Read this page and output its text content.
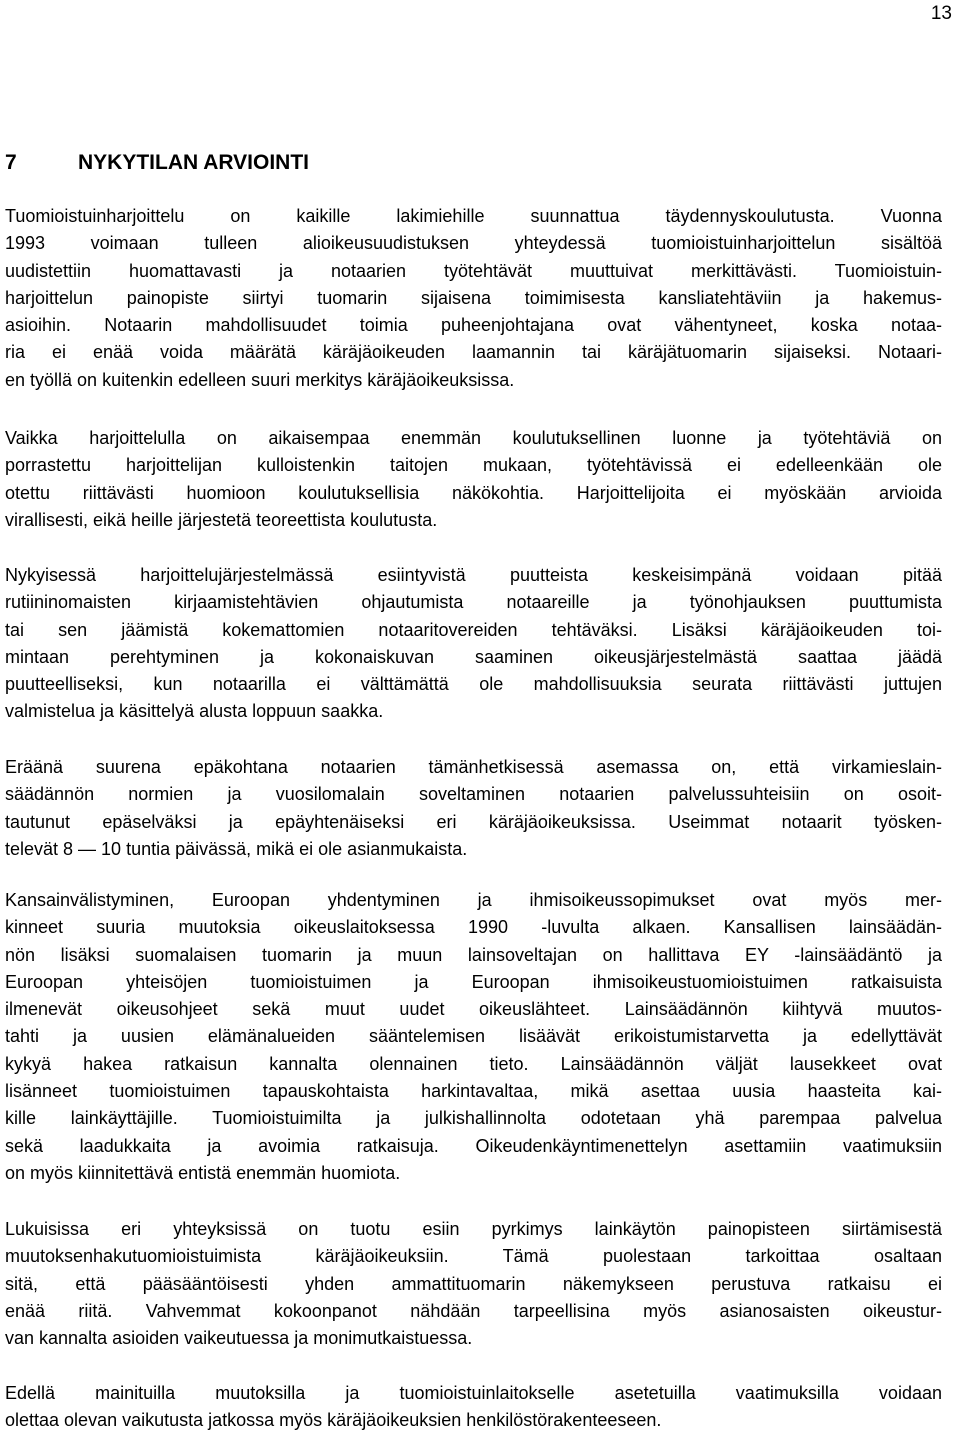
13
7	NYKYTILAN ARVIOINTI
Tuomioistuinharjoittelu on kaikille lakimiehille suunnattua täydennyskoulutusta. Vuonna
1993 voimaan tulleen alioikeusuudistuksen yhteydessä tuomioistuinharjoittelun sisältöä
uudistettiin huomattavasti ja notaarien työtehtävät muuttuivat merkittävästi. Tuomioistuin-
harjoittelun painopiste siirtyi tuomarin sijaisena toimimisesta kansliatehtäviin ja hakemus-
asioihin. Notaarin mahdollisuudet toimia puheenjohtajana ovat vähentyneet, koska notaa-
ria ei enää voida määrätä käräjäoikeuden laamannin tai käräjätuomarin sijaiseksi. Notaari-
en työllä on kuitenkin edelleen suuri merkitys käräjäoikeuksissa.
Vaikka harjoittelulla on aikaisempaa enemmän koulutuksellinen luonne ja työtehtäviä on
porrastettu harjoittelijan kulloistenkin taitojen mukaan, työtehtävissä ei edelleenkään ole
otettu riittävästi huomioon koulutuksellisia näkökohtia. Harjoittelijoita ei myöskään arvioida
virallisesti, eikä heille järjestetä teoreettista koulutusta.
Nykyisessä harjoittelujärjestelmässä esiintyvistä puutteista keskeisimpänä voidaan pitää
rutiininomaisten kirjaamistehtävien ohjautumista notaareille ja työnohjauksen puuttumista
tai sen jäämistä kokemattomien notaaritovereiden tehtäväksi. Lisäksi käräjäoikeuden toi-
mintaan perehtyminen ja kokonaiskuvan saaminen oikeusjärjestelmästä saattaa jäädä
puutteelliseksi, kun notaarilla ei välttämättä ole mahdollisuuksia seurata riittävästi juttujen
valmistelua ja käsittelyä alusta loppuun saakka.
Eräänä suurena epäkohtana notaarien tämänhetkisessä asemassa on, että virkamieslain-
säädännön normien ja vuosilomalain soveltaminen notaarien palvelussuhteisiin on osoit-
tautunut epäselväksi ja epäyhtenäiseksi eri käräjäoikeuksissa. Useimmat notaarit työsken-
televät 8 — 10 tuntia päivässä, mikä ei ole asianmukaista.
Kansainvälistyminen, Euroopan yhdentyminen ja ihmisoikeussopimukset ovat myös mer-
kinneet suuria muutoksia oikeuslaitoksessa 1990 -luvulta alkaen. Kansallisen lainsäädän-
nön lisäksi suomalaisen tuomarin ja muun lainsoveltajan on hallittava EY -lainsäädäntö ja
Euroopan yhteisöjen tuomioistuimen ja Euroopan ihmisoikeustuomioistuimen ratkaisuista
ilmenevät oikeusohjeet sekä muut uudet oikeuslähteet. Lainsäädännön kiihtyvä muutos-
tahti ja uusien elämänalueiden sääntelemisen lisäävät erikoistumistarvetta ja edellyttävät
kykyä hakea ratkaisun kannalta olennainen tieto. Lainsäädännön väljät lausekkeet ovat
lisänneet tuomioistuimen tapauskohtaista harkintavaltaa, mikä asettaa uusia haasteita kai-
kille lainkäyttäjille. Tuomioistuimilta ja julkishallinnolta odotetaan yhä parempaa palvelua
sekä laadukkaita ja avoimia ratkaisuja. Oikeudenkäyntimenettelyn asettamiin vaatimuksiin
on myös kiinnitettävä entistä enemmän huomiota.
Lukuisissa eri yhteyksissä on tuotu esiin pyrkimys lainkäytön painopisteen siirtämisestä
muutoksenhakutuomioistuimista käräjäoikeuksiin. Tämä puolestaan tarkoittaa osaltaan
sitä, että pääsääntöisesti yhden ammattituomarin näkemykseen perustuva ratkaisu ei
enää riitä. Vahvemmat kokoonpanot nähdään tarpeellisina myös asianosaisten oikeustur-
van kannalta asioiden vaikeutuessa ja monimutkaistuessa.
Edellä mainituilla muutoksilla ja tuomioistuinlaitokselle asetetuilla vaatimuksilla voidaan
olettaa olevan vaikutusta jatkossa myös käräjäoikeuksien henkilöstörakenteeseen.
